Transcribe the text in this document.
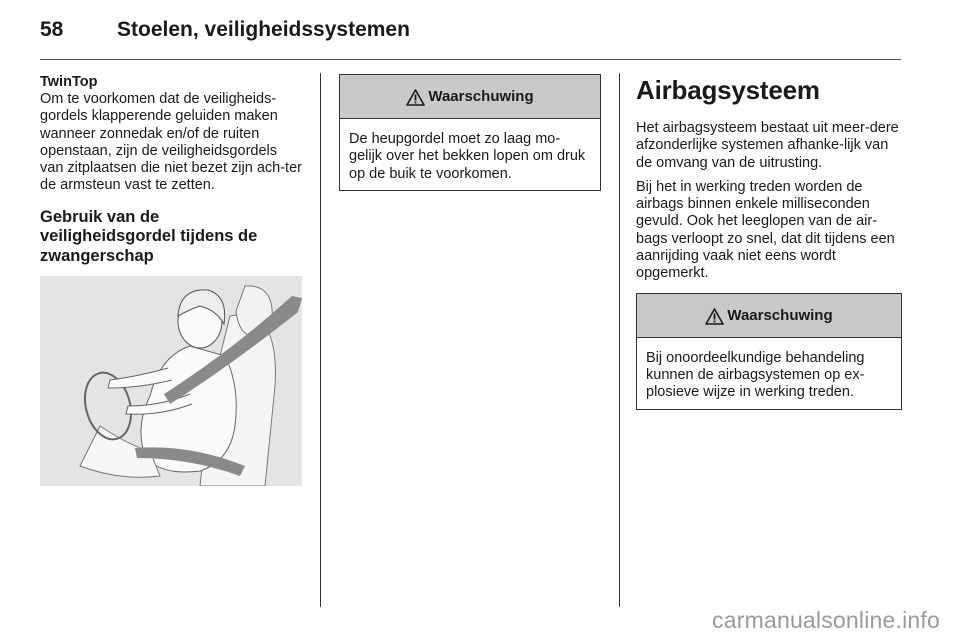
58	Stoelen, veiligheidssystemen
TwinTop

Om te voorkomen dat de veiligheids-gordels klapperende geluiden maken wanneer zonnedak en/of de ruiten openstaan, zijn de veiligheidsgordels van zitplaatsen die niet bezet zijn ach-ter de armsteun vast te zetten.

Gebruik van de
veiligheidsgordel tijdens de
zwangerschap
Waarschuwing
De heupgordel moet zo laag mo-gelijk over het bekken lopen om druk op de buik te voorkomen.
Airbagsysteem

Het airbagsysteem bestaat uit meer-dere afzonderlijke systemen afhanke-lijk van de omvang van de uitrusting.

Bij het in werking treden worden de airbags binnen enkele milliseconden gevuld. Ook het leeglopen van de air-bags verloopt zo snel, dat dit tijdens een aanrijding vaak niet eens wordt opgemerkt.

Waarschuwing
Bij onoordeelkundige behandeling kunnen de airbagsystemen op ex-plosieve wijze in werking treden.
carmanualsonline.info
